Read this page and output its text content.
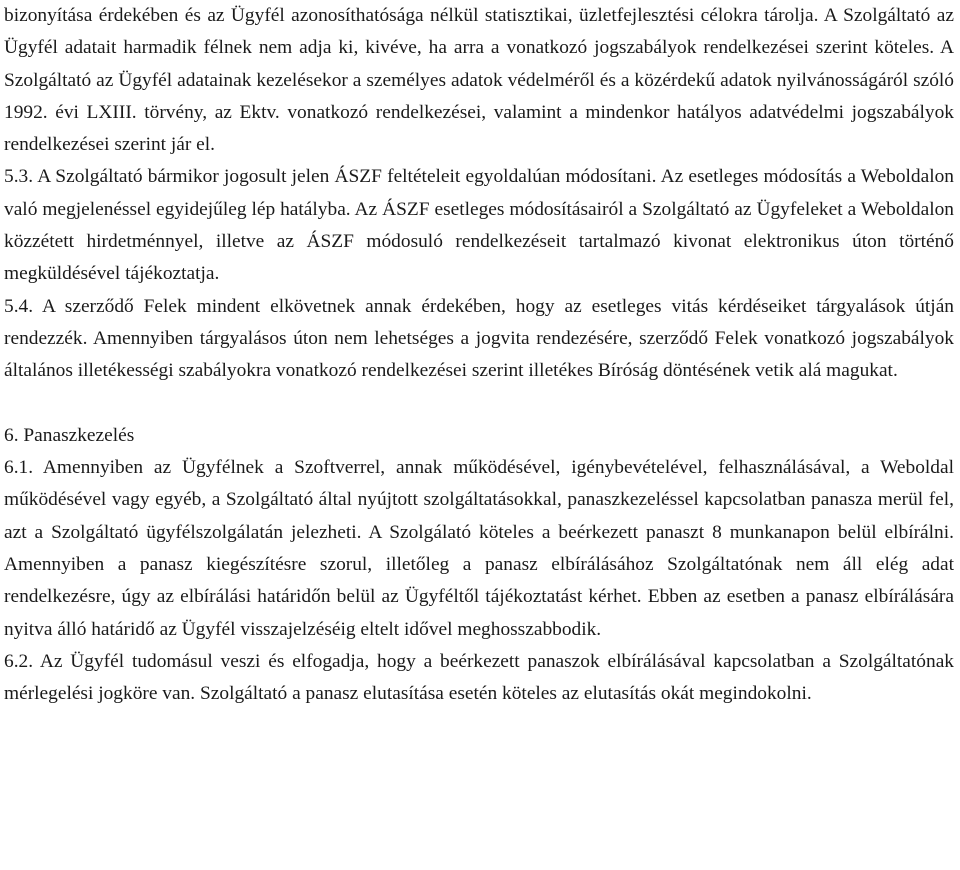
bizonyítása érdekében és az Ügyfél azonosíthatósága nélkül statisztikai, üzletfejlesztési célokra tárolja. A Szolgáltató az Ügyfél adatait harmadik félnek nem adja ki, kivéve, ha arra a vonatkozó jogszabályok rendelkezései szerint köteles. A Szolgáltató az Ügyfél adatainak kezelésekor a személyes adatok védelméről és a közérdekű adatok nyilvánosságáról szóló 1992. évi LXIII. törvény, az Ektv. vonatkozó rendelkezései, valamint a mindenkor hatályos adatvédelmi jogszabályok rendelkezései szerint jár el.

5.3. A Szolgáltató bármikor jogosult jelen ÁSZF feltételeit egyoldalúan módosítani. Az esetleges módosítás a Weboldalon való megjelenéssel egyidejűleg lép hatályba. Az ÁSZF esetleges módosításairól a Szolgáltató az Ügyfeleket a Weboldalon közzétett hirdetménnyel, illetve az ÁSZF módosuló rendelkezéseit tartalmazó kivonat elektronikus úton történő megküldésével tájékoztatja.

5.4. A szerződő Felek mindent elkövetnek annak érdekében, hogy az esetleges vitás kérdéseiket tárgyalások útján rendezzék. Amennyiben tárgyalásos úton nem lehetséges a jogvita rendezésére, szerződő Felek vonatkozó jogszabályok általános illetékességi szabályokra vonatkozó rendelkezései szerint illetékes Bíróság döntésének vetik alá magukat.

6. Panaszkezelés

6.1. Amennyiben az Ügyfélnek a Szoftverrel, annak működésével, igénybevételével, felhasználásával, a Weboldal működésével vagy egyéb, a Szolgáltató által nyújtott szolgáltatásokkal, panaszkezeléssel kapcsolatban panasza merül fel, azt a Szolgáltató ügyfélszolgálatán jelezheti. A Szolgálató köteles a beérkezett panaszt 8 munkanapon belül elbírálni. Amennyiben a panasz kiegészítésre szorul, illetőleg a panasz elbírálásához Szolgáltatónak nem áll elég adat rendelkezésre, úgy az elbírálási határidőn belül az Ügyféltől tájékoztatást kérhet. Ebben az esetben a panasz elbírálására nyitva álló határidő az Ügyfél visszajelzéséig eltelt idővel meghosszabbodik.

6.2. Az Ügyfél tudomásul veszi és elfogadja, hogy a beérkezett panaszok elbírálásával kapcsolatban a Szolgáltatónak mérlegelési jogköre van. Szolgáltató a panasz elutasítása esetén köteles az elutasítás okát megindokolni.
